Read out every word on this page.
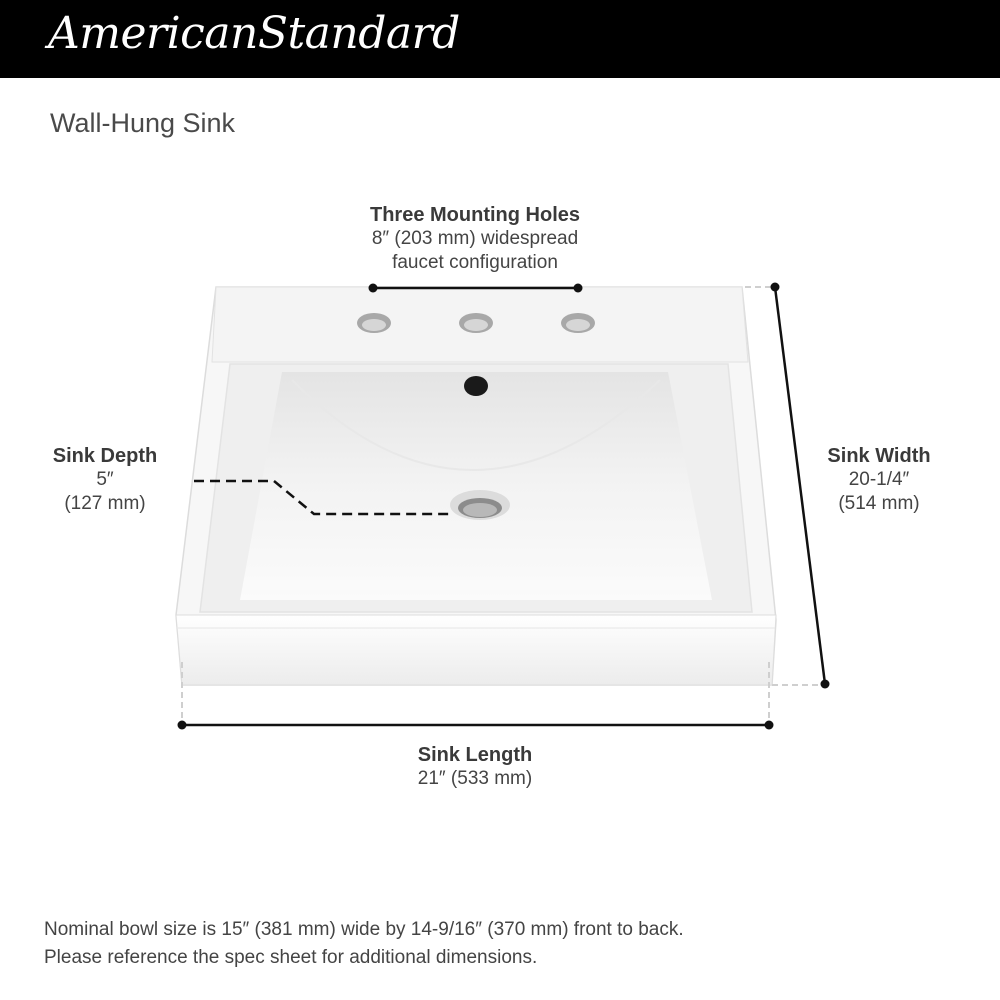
AmericanStandard
Wall-Hung Sink
Three Mounting Holes
8″ (203 mm) widespread
faucet configuration
Sink Depth
5″
(127 mm)
Sink Width
20-1/4″
(514 mm)
Sink Length
21″ (533 mm)
Nominal bowl size is 15″ (381 mm) wide by 14-9/16″ (370 mm) front to back.
Please reference the spec sheet for additional dimensions.
